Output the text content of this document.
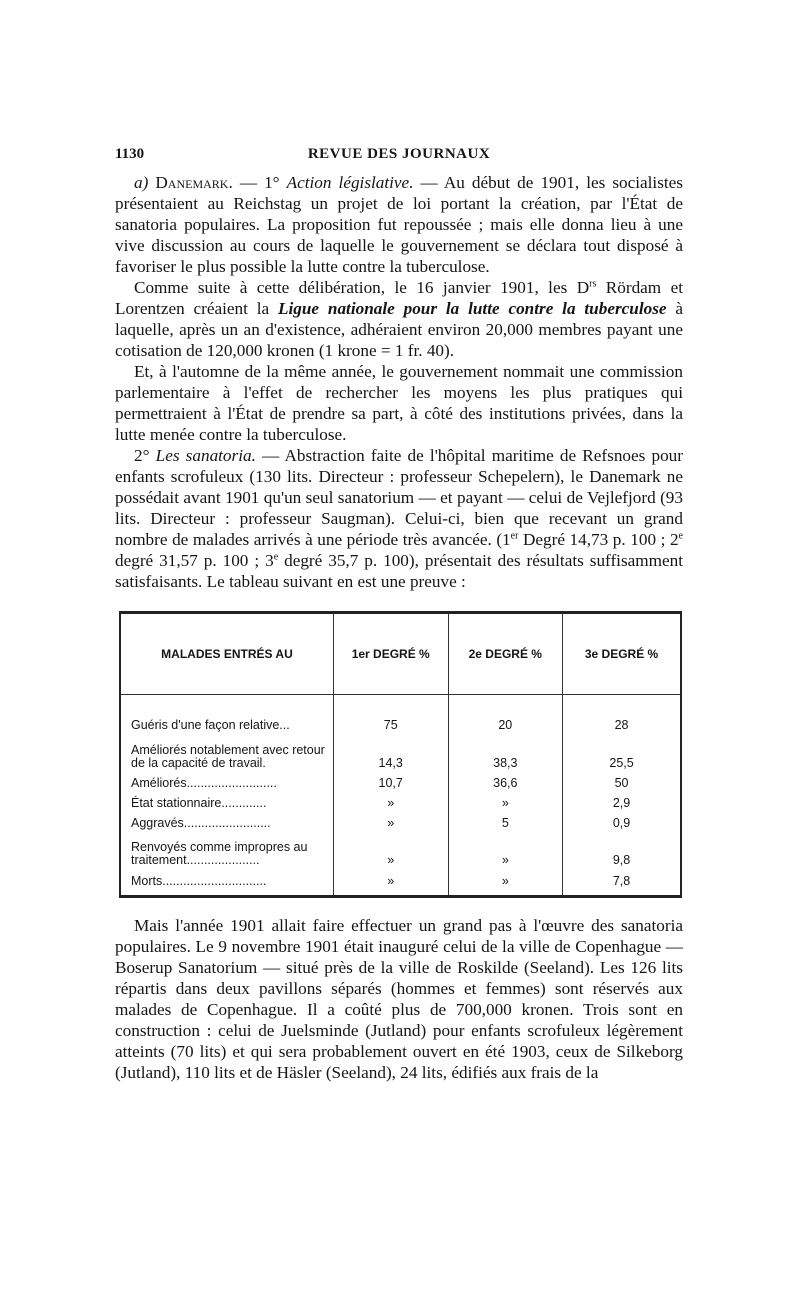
1130	REVUE DES JOURNAUX

a) Danemark. — 1° Action législative. — Au début de 1901, les socialistes présentaient au Reichstag un projet de loi portant la création, par l'État de sanatoria populaires. La proposition fut repoussée ; mais elle donna lieu à une vive discussion au cours de laquelle le gouvernement se déclara tout disposé à favoriser le plus possible la lutte contre la tuberculose.

Comme suite à cette délibération, le 16 janvier 1901, les $D^{rs}$ Rördam et Lorentzen créaient la Ligue nationale pour la lutte contre la tuberculose à laquelle, après un an d'existence, adhéraient environ 20,000 membres payant une cotisation de 120,000 kronen (1 krone = 1 fr. 40).

Et, à l'automne de la même année, le gouvernement nommait une commission parlementaire à l'effet de rechercher les moyens les plus pratiques qui permettraient à l'État de prendre sa part, à côté des institutions privées, dans la lutte menée contre la tuberculose.

2° Les sanatoria. — Abstraction faite de l'hôpital maritime de Refsnoes pour enfants scrofuleux (130 lits. Directeur : professeur Schepelern), le Danemark ne possédait avant 1901 qu'un seul sanatorium — et payant — celui de Vejlefjord (93 lits. Directeur : professeur Saugman). Celui-ci, bien que recevant un grand nombre de malades arrivés à une période très avancée. (1er Degré 14,73 p. 100 ; 2e degré 31,57 p. 100 ; 3e degré 35,7 p. 100), présentait des résultats suffisamment satisfaisants. Le tableau suivant en est une preuve :

MALADES ENTRÉS AU	1er DEGRÉ %	2e DEGRÉ %	3e DEGRÉ %
Guéris d'une façon relative...	75	20	28
Améliorés notablement avec retour de la capacité de travail.	14,3	38,3	25,5
Améliorés..........................	10,7	36,6	50
État stationnaire.............	»	»	2,9
Aggravés.........................	»	5	0,9
Renvoyés comme impropres au traitement.....................	»	»	9,8
Morts..............................	»	»	7,8

Mais l'année 1901 allait faire effectuer un grand pas à l'œuvre des sanatoria populaires. Le 9 novembre 1901 était inauguré celui de la ville de Copenhague — Boserup Sanatorium — situé près de la ville de Roskilde (Seeland). Les 126 lits répartis dans deux pavillons séparés (hommes et femmes) sont réservés aux malades de Copenhague. Il a coûté plus de 700,000 kronen. Trois sont en construction : celui de Juelsminde (Jutland) pour enfants scrofuleux légèrement atteints (70 lits) et qui sera probablement ouvert en été 1903, ceux de Silkeborg (Jutland), 110 lits et de Häsler (Seeland), 24 lits, édifiés aux frais de la
